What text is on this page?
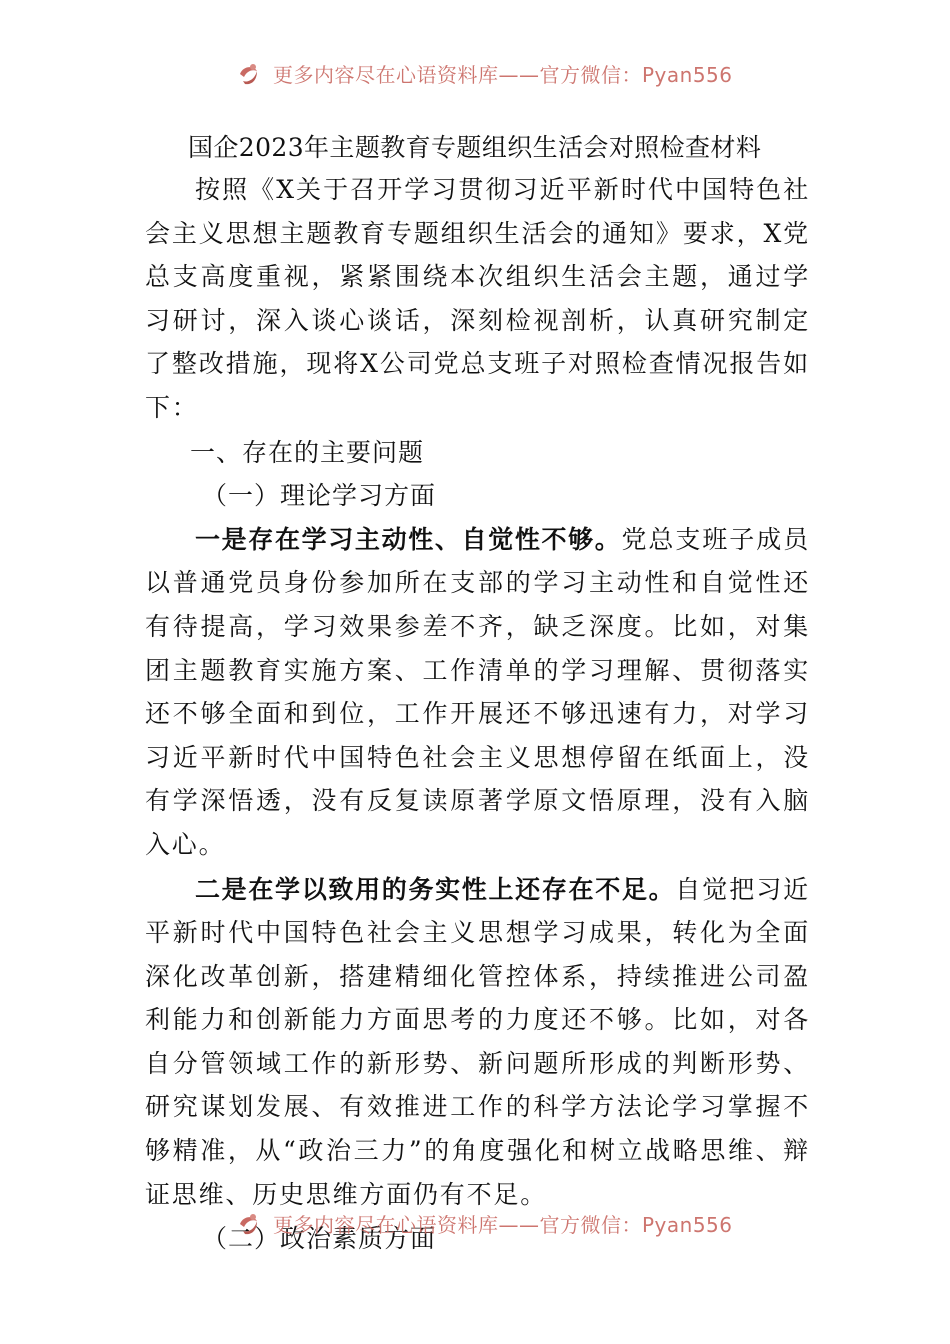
更多内容尽在心语资料库——官方微信：Pyan556
国企2023年主题教育专题组织生活会对照检查材料

按照《X关于召开学习贯彻习近平新时代中国特色社会主义思想主题教育专题组织生活会的通知》要求，X党总支高度重视，紧紧围绕本次组织生活会主题，通过学习研讨，深入谈心谈话，深刻检视剖析，认真研究制定了整改措施，现将X公司党总支班子对照检查情况报告如下：

一、存在的主要问题

（一）理论学习方面

一是存在学习主动性、自觉性不够。党总支班子成员以普通党员身份参加所在支部的学习主动性和自觉性还有待提高，学习效果参差不齐，缺乏深度。比如，对集团主题教育实施方案、工作清单的学习理解、贯彻落实还不够全面和到位，工作开展还不够迅速有力，对学习习近平新时代中国特色社会主义思想停留在纸面上，没有学深悟透，没有反复读原著学原文悟原理，没有入脑入心。

二是在学以致用的务实性上还存在不足。自觉把习近平新时代中国特色社会主义思想学习成果，转化为全面深化改革创新，搭建精细化管控体系，持续推进公司盈利能力和创新能力方面思考的力度还不够。比如，对各自分管领域工作的新形势、新问题所形成的判断形势、研究谋划发展、有效推进工作的科学方法论学习掌握不够精准，从“政治三力”的角度强化和树立战略思维、辩证思维、历史思维方面仍有不足。

（二）政治素质方面

更多内容尽在心语资料库——官方微信：Pyan556
